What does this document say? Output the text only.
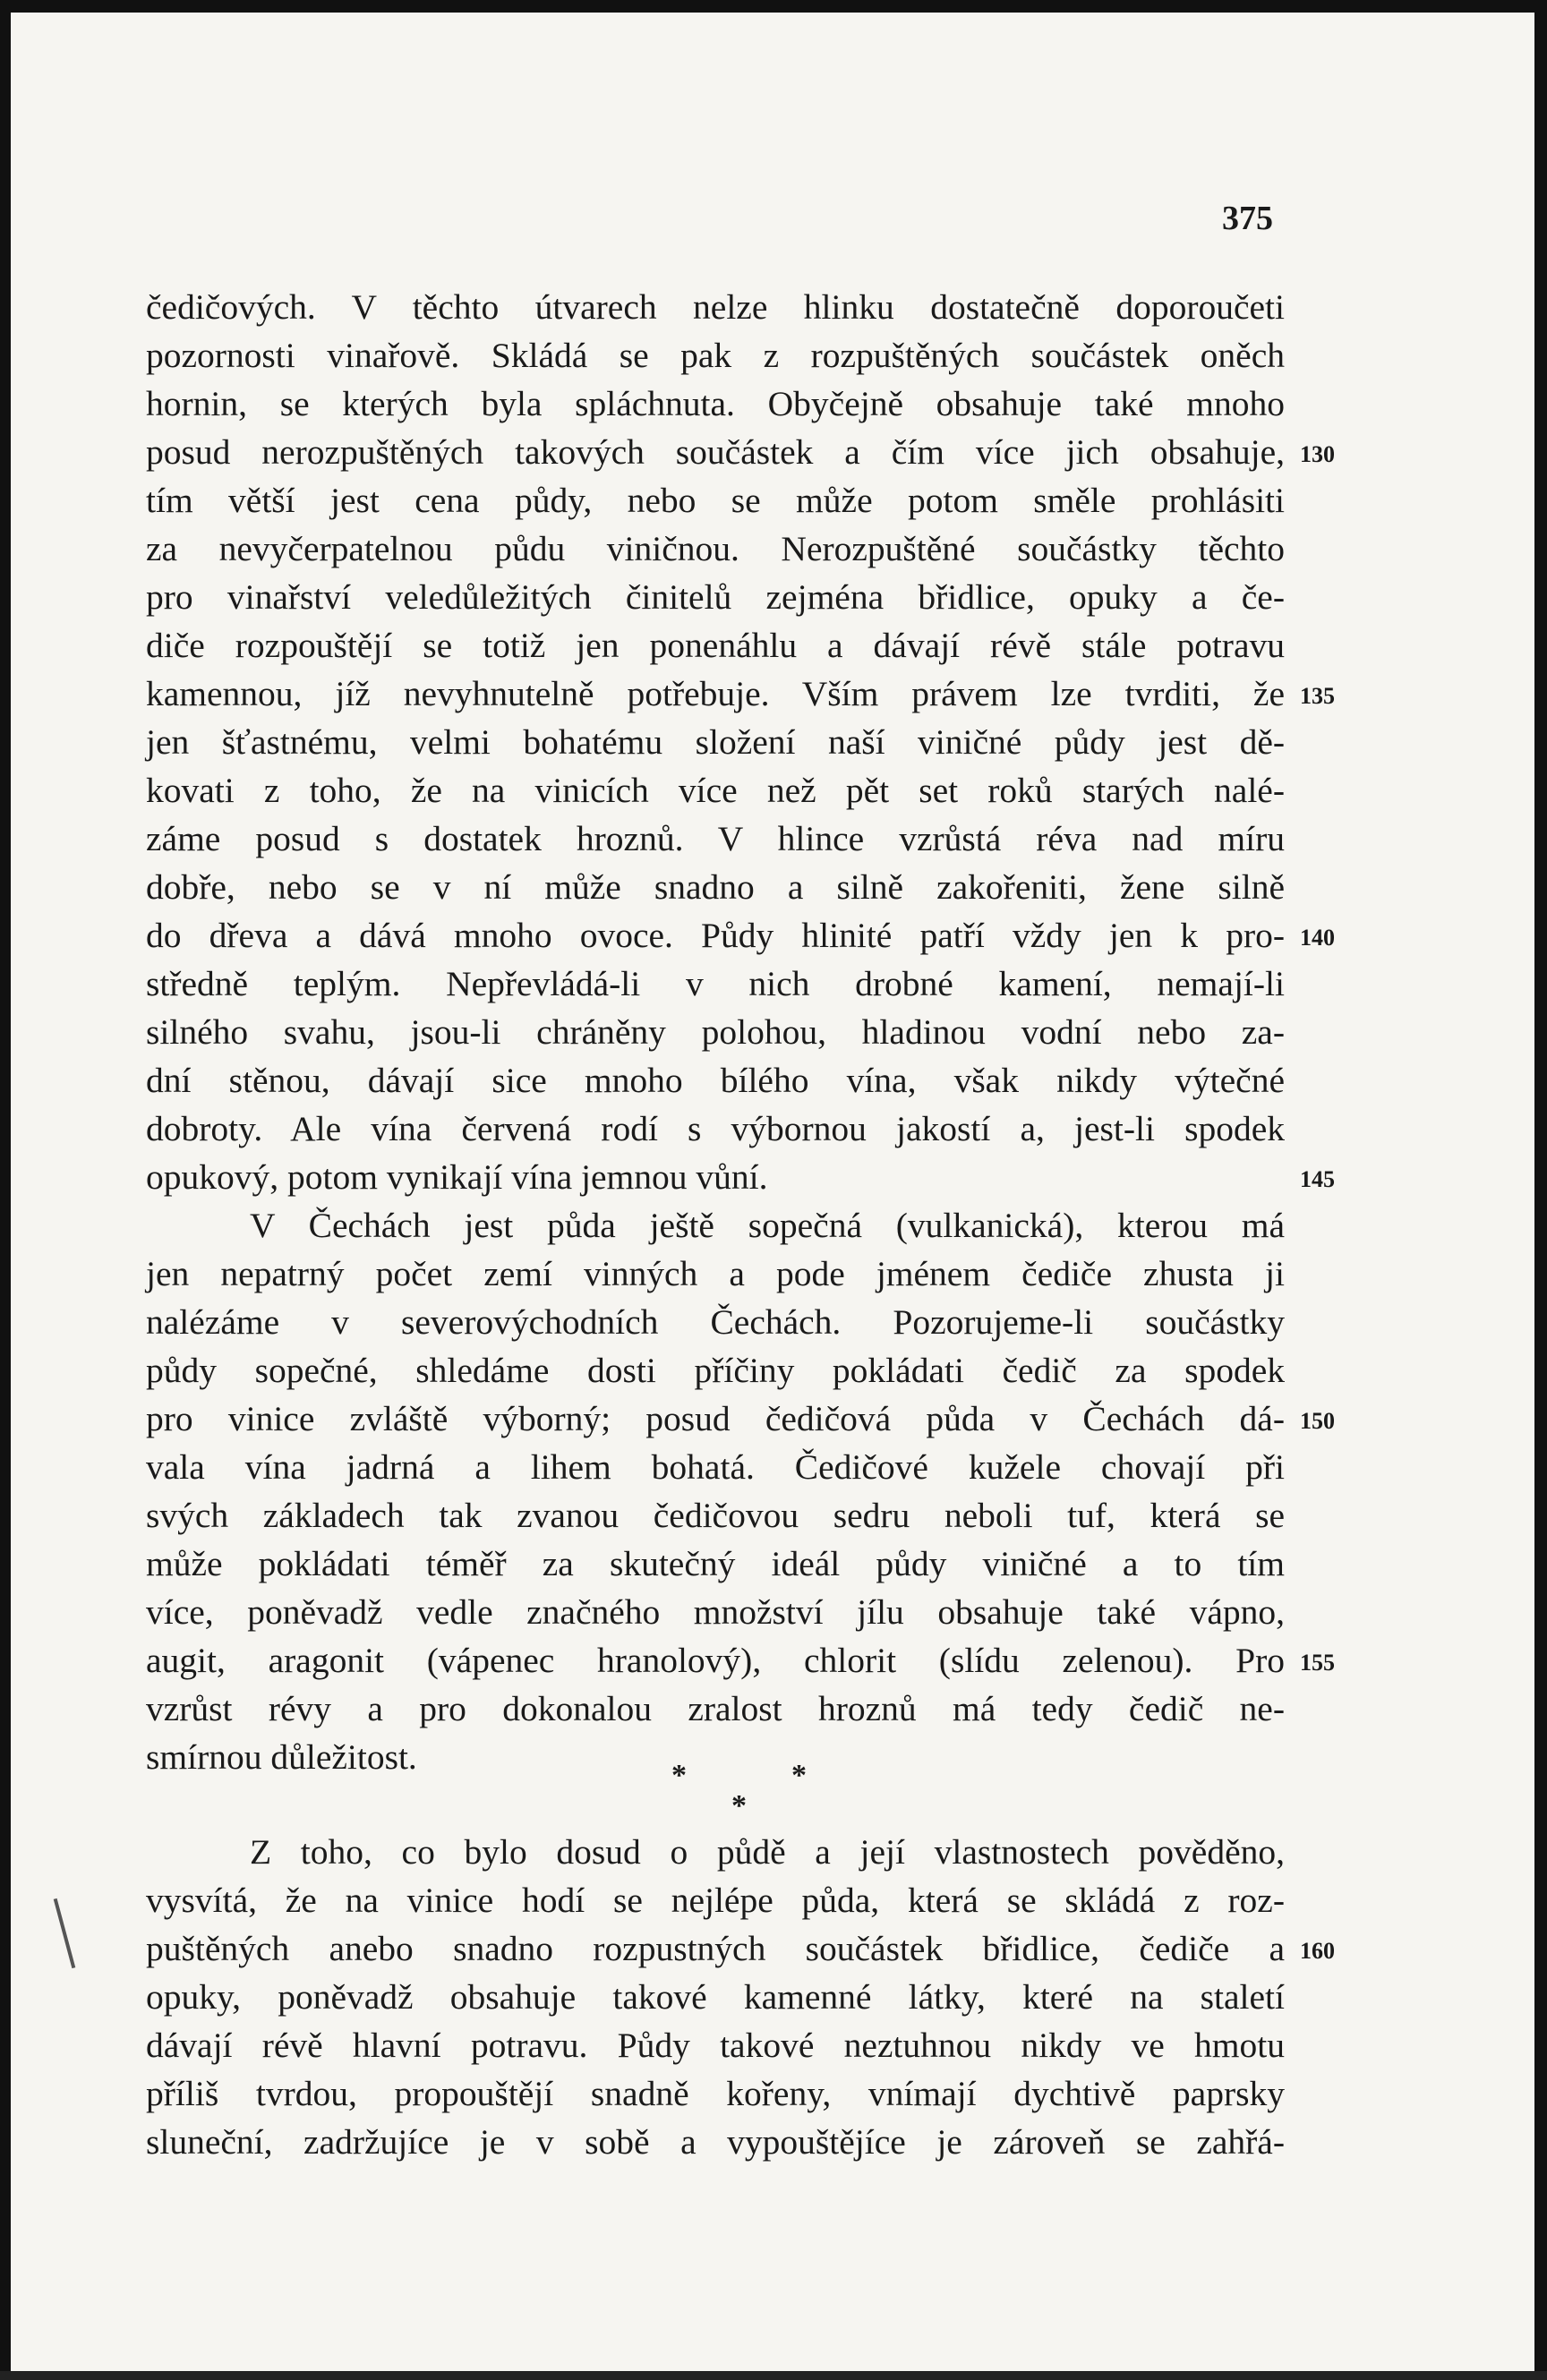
375
čedičových. V těchto útvarech nelze hlinku dostatečně doporoučeti
pozornosti vinařově. Skládá se pak z rozpuštěných součástek oněch
hornin, se kterých byla spláchnuta. Obyčejně obsahuje také mnoho
posud nerozpuštěných takových součástek a čím více jich obsahuje,
tím větší jest cena půdy, nebo se může potom směle prohlásiti
za nevyčerpatelnou půdu viničnou. Nerozpuštěné součástky těchto
pro vinařství veledůležitých činitelů zejména břidlice, opuky a če-
diče rozpouštějí se totiž jen ponenáhlu a dávají révě stále potravu
kamennou, jíž nevyhnutelně potřebuje. Vším právem lze tvrditi, že
jen šťastnému, velmi bohatému složení naší viničné půdy jest dě-
kovati z toho, že na vinicích více než pět set roků starých nalé-
záme posud s dostatek hroznů. V hlince vzrůstá réva nad míru
dobře, nebo se v ní může snadno a silně zakořeniti, žene silně
do dřeva a dává mnoho ovoce. Půdy hlinité patří vždy jen k pro-
středně teplým. Nepřevládá-li v nich drobné kamení, nemají-li
silného svahu, jsou-li chráněny polohou, hladinou vodní nebo za-
dní stěnou, dávají sice mnoho bílého vína, však nikdy výtečné
dobroty. Ale vína červená rodí s výbornou jakostí a, jest-li spodek
opukový, potom vynikají vína jemnou vůní.
V Čechách jest půda ještě sopečná (vulkanická), kterou má
jen nepatrný počet zemí vinných a pode jménem čediče zhusta ji
nalézáme v severovýchodních Čechách. Pozorujeme-li součástky
půdy sopečné, shledáme dosti příčiny pokládati čedič za spodek
pro vinice zvláště výborný; posud čedičová půda v Čechách dá-
vala vína jadrná a lihem bohatá. Čedičové kužele chovají při
svých základech tak zvanou čedičovou sedru neboli tuf, která se
může pokládati téměř za skutečný ideál půdy viničné a to tím
více, poněvadž vedle značného množství jílu obsahuje také vápno,
augit, aragonit (vápenec hranolový), chlorit (slídu zelenou). Pro
vzrůst révy a pro dokonalou zralost hroznů má tedy čedič ne-
smírnou důležitost.	*	*
*
Z toho, co bylo dosud o půdě a její vlastnostech pověděno,
vysvítá, že na vinice hodí se nejlépe půda, která se skládá z roz-
puštěných anebo snadno rozpustných součástek břidlice, čediče a
opuky, poněvadž obsahuje takové kamenné látky, které na staletí
dávají révě hlavní potravu. Půdy takové neztuhnou nikdy ve hmotu
příliš tvrdou, propouštějí snadně kořeny, vnímají dychtivě paprsky
sluneční, zadržujíce je v sobě a vypouštějíce je zároveň se zahřá-
130
135
140
145
150
155
160
